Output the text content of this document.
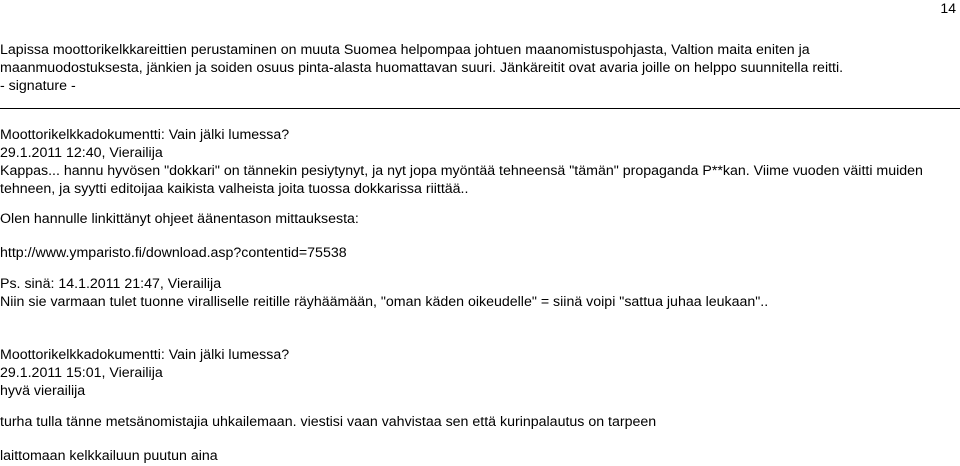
14
Lapissa moottorikelkkareittien perustaminen on muuta Suomea helpompaa johtuen maanomistuspohjasta, Valtion maita eniten ja
maanmuodostuksesta, jänkien ja soiden osuus pinta-alasta huomattavan suuri. Jänkäreitit ovat avaria joille on helppo suunnitella reitti.
- signature -
Moottorikelkkadokumentti: Vain jälki lumessa?
29.1.2011 12:40, Vierailija
Kappas... hannu hyvösen "dokkari" on tännekin pesiytynyt, ja nyt jopa myöntää tehneensä "tämän" propaganda P**kan. Viime vuoden väitti muiden
tehneen, ja syytti editoijaa kaikista valheista joita tuossa dokkarissa riittää..
Olen hannulle linkittänyt ohjeet äänentason mittauksesta:
http://www.ymparisto.fi/download.asp?contentid=75538
Ps. sinä: 14.1.2011 21:47, Vierailija
Niin sie varmaan tulet tuonne viralliselle reitille räyhäämään, "oman käden oikeudelle" = siinä voipi "sattua juhaa leukaan"..
Moottorikelkkadokumentti: Vain jälki lumessa?
29.1.2011 15:01, Vierailija
hyvä vierailija
turha tulla tänne metsänomistajia uhkailemaan. viestisi vaan vahvistaa sen että kurinpalautus on tarpeen
laittomaan kelkkailuun puutun aina
